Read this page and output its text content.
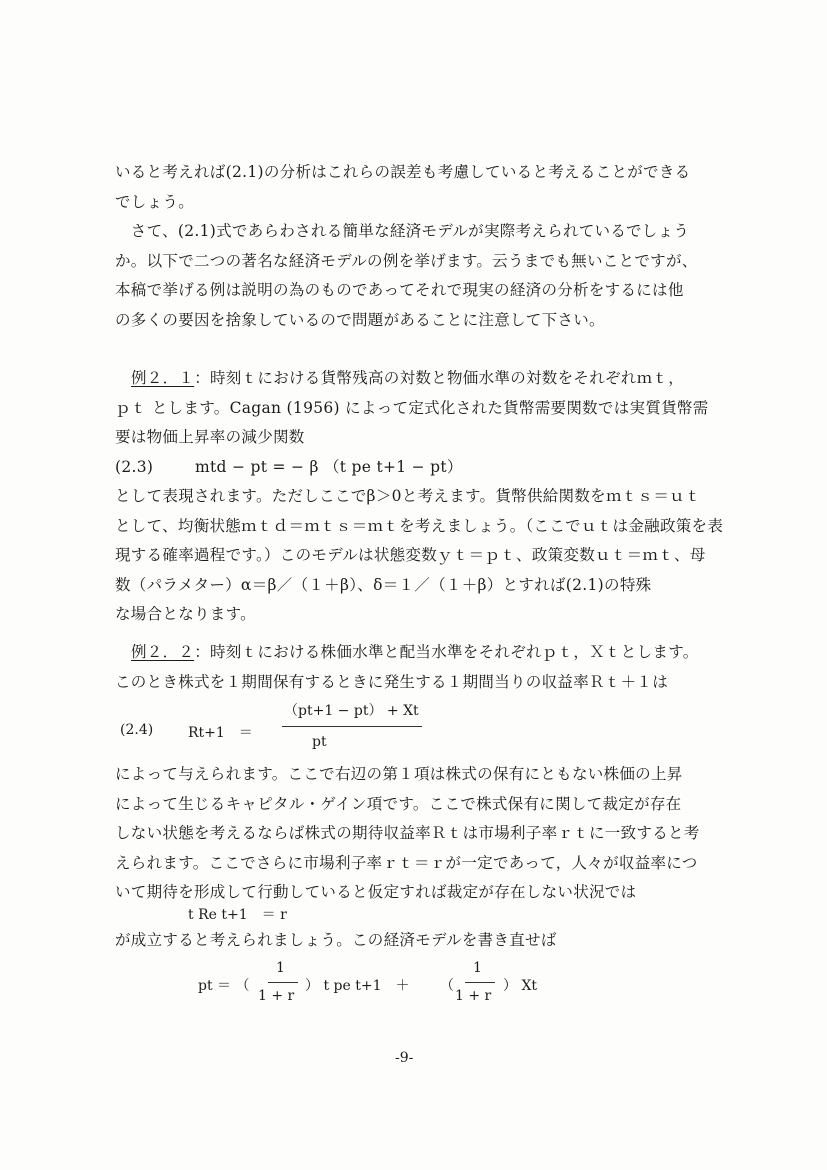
いると考えれば(2.1)の分析はこれらの誤差も考慮していると考えることができる
でしょう。
　さて、(2.1)式であらわされる簡単な経済モデルが実際考えられているでしょう
か。以下で二つの著名な経済モデルの例を挙げます。云うまでも無いことですが、
本稿で挙げる例は説明の為のものであってそれで現実の経済の分析をするには他
の多くの要因を捨象しているので問題があることに注意して下さい。
例２．１：時刻ｔにおける貨幣残高の対数と物価水準の対数をそれぞれｍｔ，
ｐｔ とします。Cagan (1956) によって定式化された貨幣需要関数では実質貨幣需
要は物価上昇率の減少関数
(2.3)	mtd − pt = − β （t pe t+1 − pt）
として表現されます。ただしここでβ＞0と考えます。貨幣供給関数をｍｔｓ＝ｕｔ
として、均衡状態ｍｔｄ＝ｍｔｓ＝ｍｔを考えましょう。（ここでｕｔは金融政策を表
現する確率過程です。）このモデルは状態変数ｙｔ＝ｐｔ、政策変数ｕｔ＝ｍｔ、母
数（パラメター）α＝β／（１＋β）、δ＝１／（１＋β）とすれば(2.1)の特殊
な場合となります。
例２．２：時刻ｔにおける株価水準と配当水準をそれぞれｐｔ，Ｘｔとします。
このとき株式を１期間保有するときに発生する１期間当りの収益率Ｒｔ＋１は
(2.4) Rt+1　＝
（pt+1 − pt） + Xt
pt
によって与えられます。ここで右辺の第１項は株式の保有にともない株価の上昇
によって生じるキャピタル・ゲイン項です。ここで株式保有に関して裁定が存在
しない状態を考えるならば株式の期待収益率Ｒｔは市場利子率ｒｔに一致すると考
えられます。ここでさらに市場利子率ｒｔ＝ｒが一定であって，人々が収益率につ
いて期待を形成して行動していると仮定すれば裁定が存在しない状況では
t Re t+1　＝ r
が成立すると考えられましょう。この経済モデルを書き直せば
pt ＝ （
1
1 + r
） t pe t+1　＋ （
1
1 + r
） Xt
-9-
